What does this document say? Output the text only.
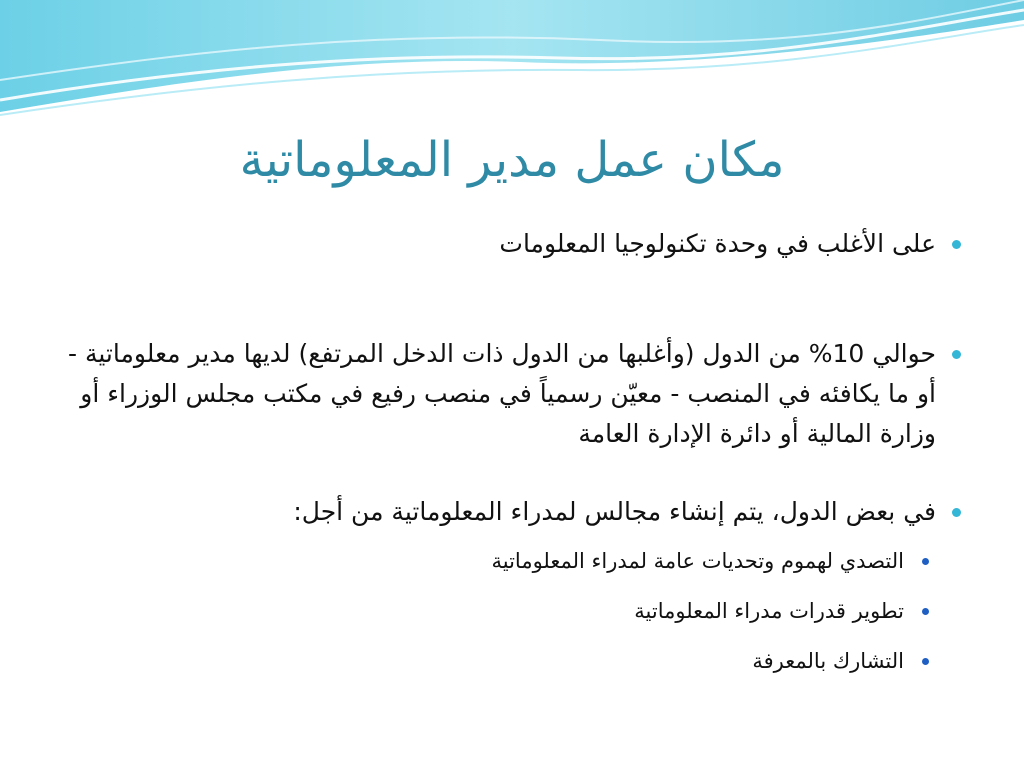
مكان عمل مدير المعلوماتية
على الأغلب في وحدة تكنولوجيا المعلومات
حوالي 10% من الدول (وأغلبها من الدول ذات الدخل المرتفع) لديها مدير معلوماتية - أو ما يكافئه في المنصب - معيّن رسمياً في منصب رفيع في مكتب مجلس الوزراء أو وزارة المالية أو دائرة الإدارة العامة
في بعض الدول، يتم إنشاء مجالس لمدراء المعلوماتية من أجل:
التصدي لهموم وتحديات عامة لمدراء المعلوماتية
تطوير قدرات مدراء المعلوماتية
التشارك بالمعرفة
